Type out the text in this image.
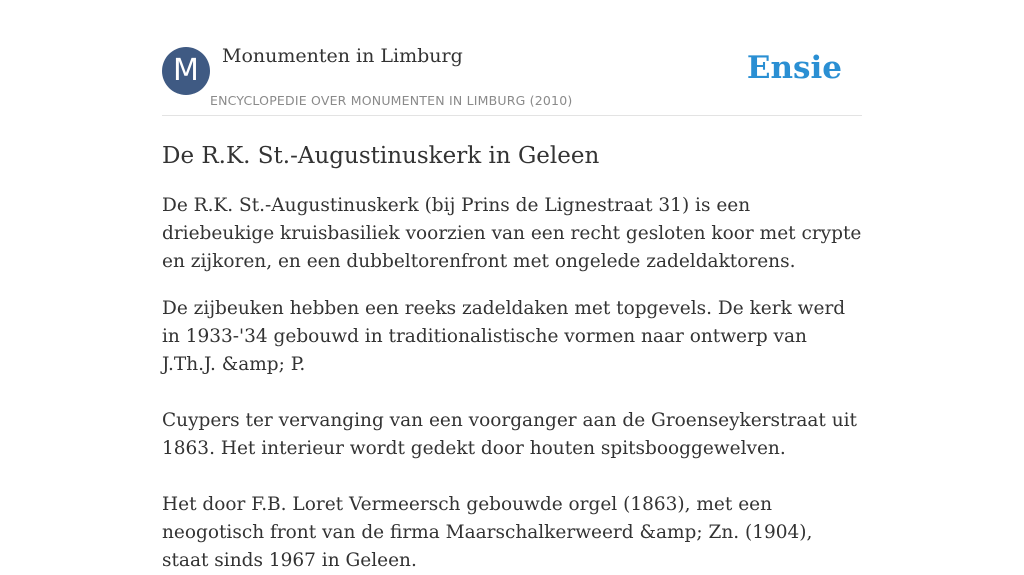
M	Monumenten in Limburg
ENCYCLOPEDIE OVER MONUMENTEN IN LIMBURG (2010)
Ensie
De R.K. St.-Augustinuskerk in Geleen

De R.K. St.-Augustinuskerk (bij Prins de Lignestraat 31) is een driebeukige kruisbasiliek voorzien van een recht gesloten koor met crypte en zijkoren, en een dubbeltorenfront met ongelede zadeldaktorens.

De zijbeuken hebben een reeks zadeldaken met topgevels. De kerk werd in 1933-'34 gebouwd in traditionalistische vormen naar ontwerp van J.Th.J. &amp; P.

Cuypers ter vervanging van een voorganger aan de Groenseykerstraat uit 1863. Het interieur wordt gedekt door houten spitsbooggewelven.

Het door F.B. Loret Vermeersch gebouwde orgel (1863), met een neogotisch front van de firma Maarschalkerweerd &amp; Zn. (1904), staat sinds 1967 in Geleen.
